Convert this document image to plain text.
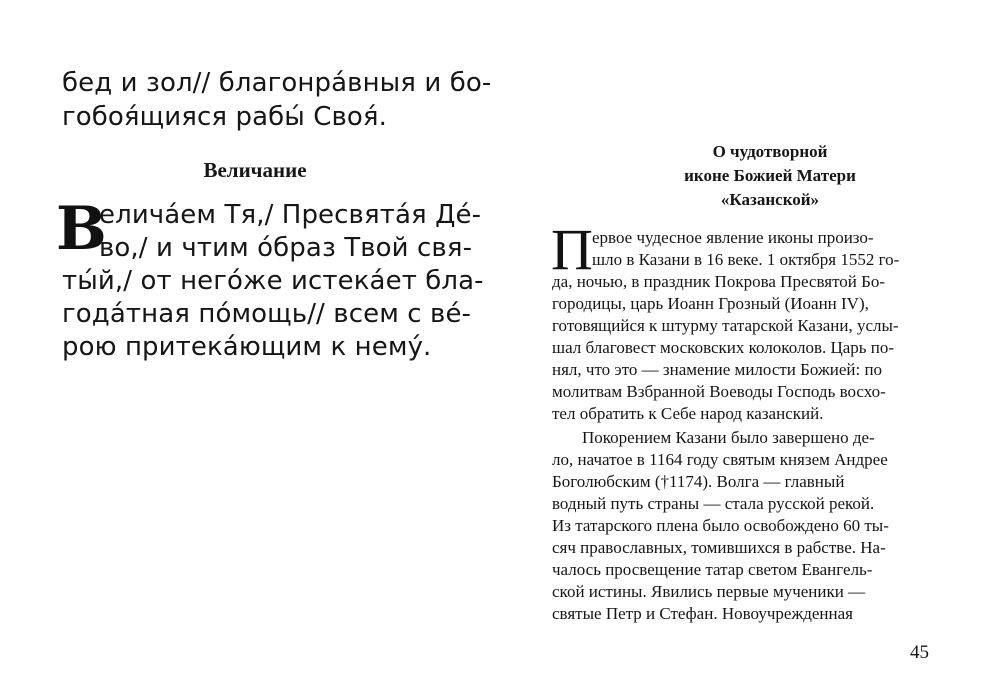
бед и зол// благонрáвныя и бо-

гобоя́щияся рабы́ Своя́.

Величание
В

еличáем Тя,/ Пресвятáя Дé-

во,/ и чтим óбраз Твой свя-

ты́й,/ от негóже истекáет бла-

годáтная пóмощь// всем с вé-

рою притекáющим к нему́.

О чудотворной
иконе Божией Матери
«Казанской»
П ервое чудесное явление иконы произо-

шло в Казани в 16 веке. 1 октября 1552 го-

да, ночью, в праздник Покрова Пресвятой Бо-

городицы, царь Иоанн Грозный (Иоанн IV),

готовящийся к штурму татарской Казани, услы-

шал благовест московских колоколов. Царь по-

нял, что это — знамение милости Божией: по

молитвам Взбранной Воеводы Господь восхо-

тел обратить к Себе народ казанский.

Покорением Казани было завершено де-

ло, начатое в 1164 году святым князем Андрее

Боголюбским (†1174). Волга — главный

водный путь страны — стала русской рекой.

Из татарского плена было освобождено 60 ты-

сяч православных, томившихся в рабстве. На-

чалось просвещение татар светом Евангель-

ской истины. Явились первые мученики —

святые Петр и Стефан. Новоучрежденная

45
